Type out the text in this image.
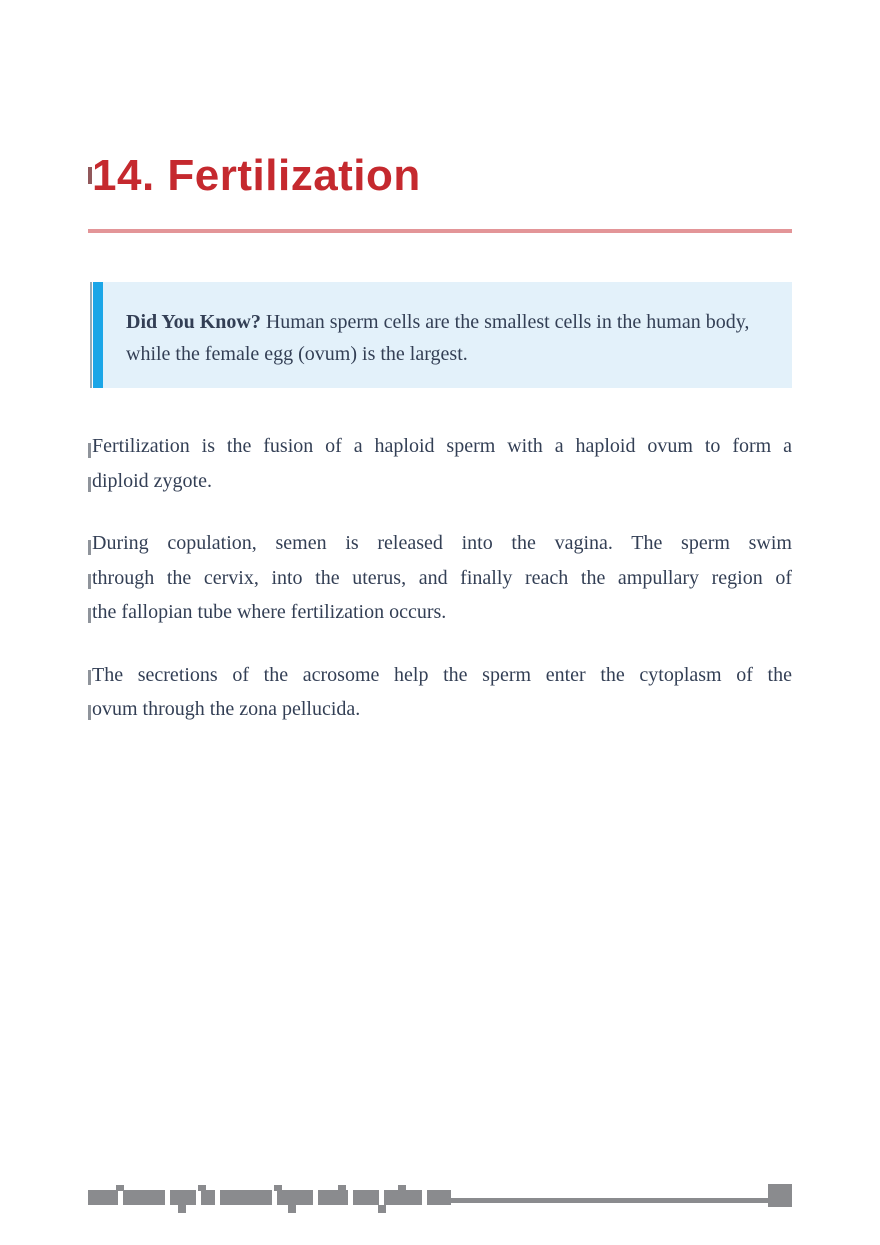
14. Fertilization

Did You Know? Human sperm cells are the smallest cells in the human body,

while the female egg (ovum) is the largest.

Fertilization is the fusion of a haploid sperm with a haploid ovum to form a
diploid zygote.

During copulation, semen is released into the vagina. The sperm swim
through the cervix, into the uterus, and finally reach the ampullary region of
the fallopian tube where fertilization occurs.

The secretions of the acrosome help the sperm enter the cytoplasm of the
ovum through the zona pellucida.
